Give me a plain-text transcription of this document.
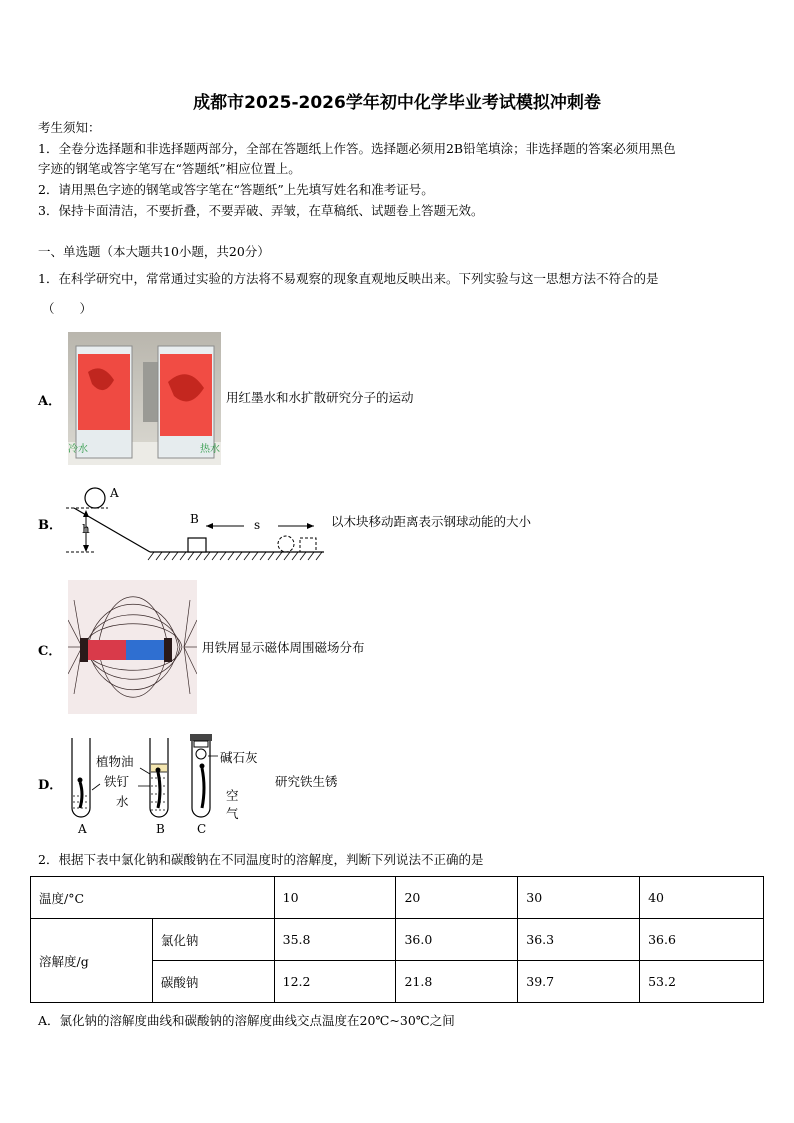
成都市2025-2026学年初中化学毕业考试模拟冲刺卷
考生须知：
1．全卷分选择题和非选择题两部分，全部在答题纸上作答。选择题必须用2B铅笔填涂；非选择题的答案必须用黑色
字迹的钢笔或答字笔写在“答题纸”相应位置上。
2．请用黑色字迹的钢笔或答字笔在“答题纸”上先填写姓名和准考证号。
3．保持卡面清洁，不要折叠，不要弄破、弄皱，在草稿纸、试题卷上答题无效。
一、单选题（本大题共10小题，共20分）
1．在科学研究中，常常通过实验的方法将不易观察的现象直观地反映出来。下列实验与这一思想方法不符合的是
（　　）
A．
冷水	热水
用红墨水和水扩散研究分子的运动
B．
A
h
B	s	以木块移动距离表示钢球动能的大小
C．	用铁屑显示磁体周围磁场分布
D．
植物油
铁钉
水
碱石灰
空
气
A	B	C
研究铁生锈
2．根据下表中氯化钠和碳酸钠在不同温度时的溶解度，判断下列说法不正确的是
温度/°C		10	20	30	40
溶解度/g	氯化钠	35.8	36.0	36.3	36.6
	碳酸钠	12.2	21.8	39.7	53.2
A．氯化钠的溶解度曲线和碳酸钠的溶解度曲线交点温度在20℃~30℃之间
